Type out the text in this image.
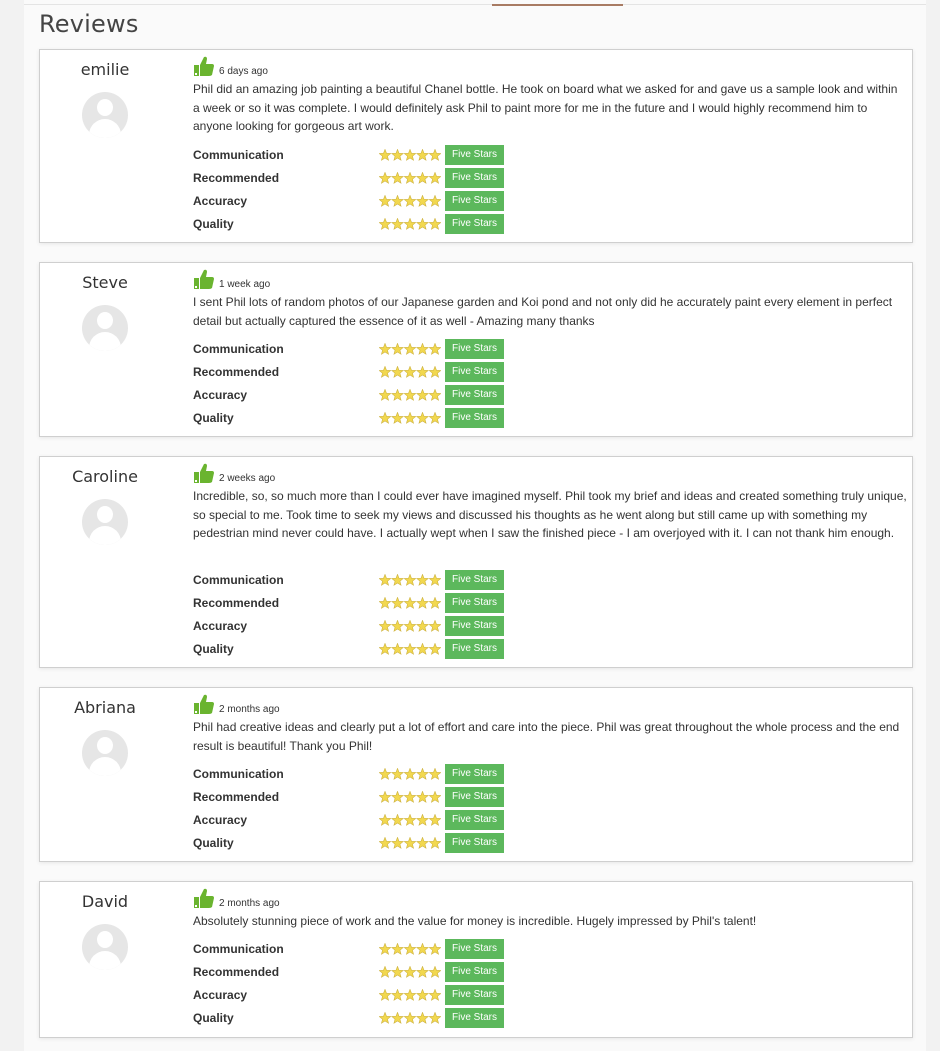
Reviews
emilie	6 days ago
Phil did an amazing job painting a beautiful Chanel bottle. He took on board what we asked for and gave us a sample look and within a week or so it was complete. I would definitely ask Phil to paint more for me in the future and I would highly recommend him to anyone looking for gorgeous art work.
Communication	Five Stars
Recommended	Five Stars
Accuracy	Five Stars
Quality	Five Stars
Steve	1 week ago
I sent Phil lots of random photos of our Japanese garden and Koi pond and not only did he accurately paint every element in perfect detail but actually captured the essence of it as well - Amazing many thanks
Communication	Five Stars
Recommended	Five Stars
Accuracy	Five Stars
Quality	Five Stars
Caroline	2 weeks ago
Incredible, so, so much more than I could ever have imagined myself. Phil took my brief and ideas and created something truly unique, so special to me. Took time to seek my views and discussed his thoughts as he went along but still came up with something my pedestrian mind never could have. I actually wept when I saw the finished piece - I am overjoyed with it. I can not thank him enough.
Communication	Five Stars
Recommended	Five Stars
Accuracy	Five Stars
Quality	Five Stars
Abriana	2 months ago
Phil had creative ideas and clearly put a lot of effort and care into the piece. Phil was great throughout the whole process and the end result is beautiful! Thank you Phil!
Communication	Five Stars
Recommended	Five Stars
Accuracy	Five Stars
Quality	Five Stars
David	2 months ago
Absolutely stunning piece of work and the value for money is incredible. Hugely impressed by Phil's talent!
Communication	Five Stars
Recommended	Five Stars
Accuracy	Five Stars
Quality	Five Stars
